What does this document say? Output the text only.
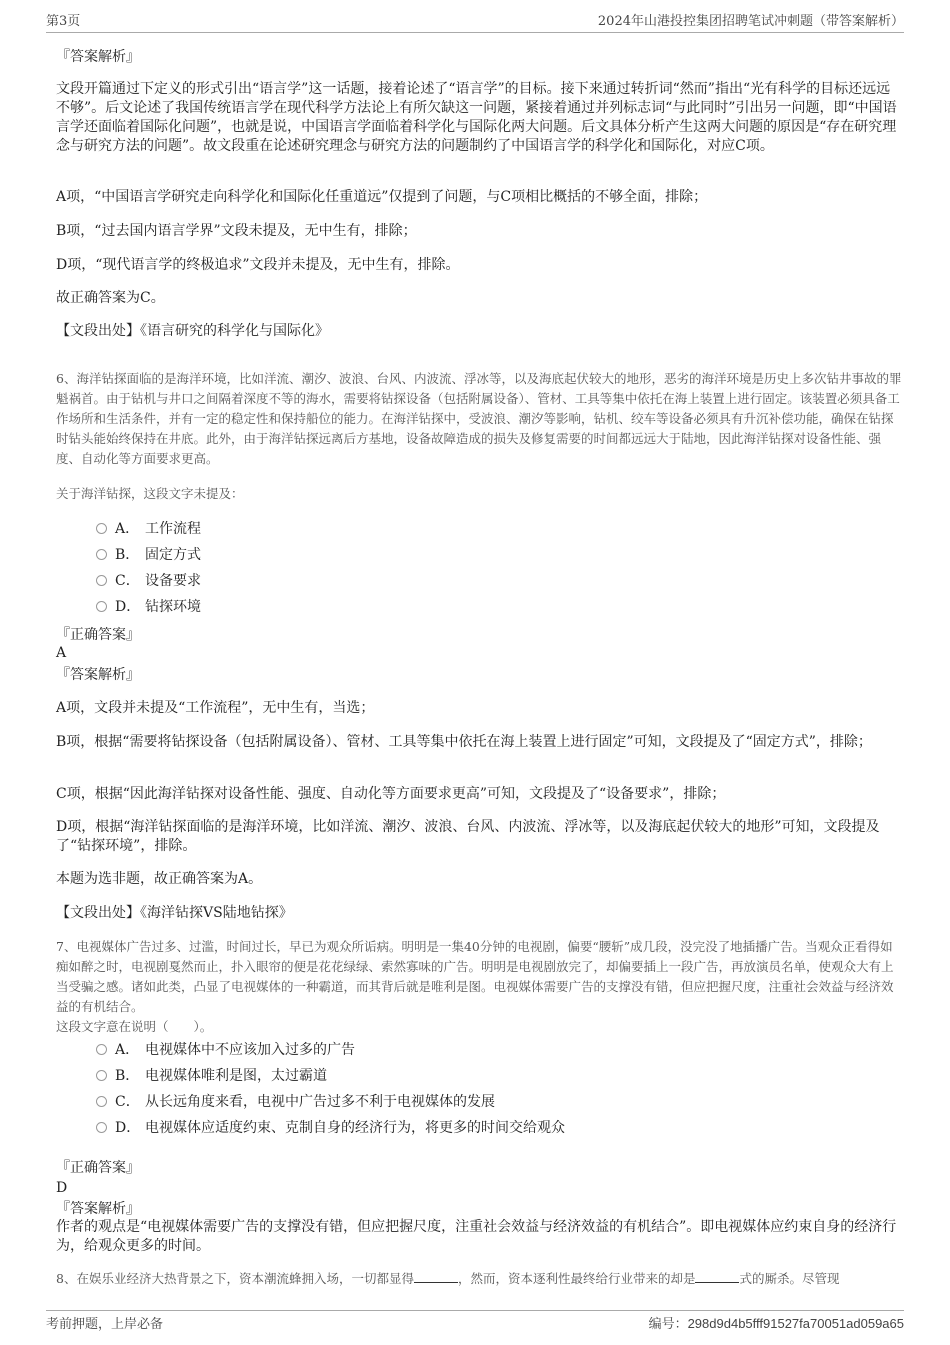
第3页	2024年山港投控集团招聘笔试冲刺题（带答案解析）
『答案解析』
文段开篇通过下定义的形式引出“语言学”这一话题，接着论述了“语言学”的目标。接下来通过转折词“然而”指出“光有科学的目标还远远不够”。后文论述了我国传统语言学在现代科学方法论上有所欠缺这一问题，紧接着通过并列标志词“与此同时”引出另一问题，即“中国语言学还面临着国际化问题”，也就是说，中国语言学面临着科学化与国际化两大问题。后文具体分析产生这两大问题的原因是“存在研究理念与研究方法的问题”。故文段重在论述研究理念与研究方法的问题制约了中国语言学的科学化和国际化，对应C项。
A项，“中国语言学研究走向科学化和国际化任重道远”仅提到了问题，与C项相比概括的不够全面，排除；
B项，“过去国内语言学界”文段未提及，无中生有，排除；
D项，“现代语言学的终极追求”文段并未提及，无中生有，排除。
故正确答案为C。
【文段出处】《语言研究的科学化与国际化》
6、海洋钻探面临的是海洋环境，比如洋流、潮汐、波浪、台风、内波流、浮冰等，以及海底起伏较大的地形，恶劣的海洋环境是历史上多次钻井事故的罪魁祸首。由于钻机与井口之间隔着深度不等的海水，需要将钻探设备（包括附属设备）、管材、工具等集中依托在海上装置上进行固定。该装置必须具备工作场所和生活条件，并有一定的稳定性和保持船位的能力。在海洋钻探中，受波浪、潮汐等影响，钻机、绞车等设备必须具有升沉补偿功能，确保在钻探时钻头能始终保持在井底。此外，由于海洋钻探远离后方基地，设备故障造成的损失及修复需要的时间都远远大于陆地，因此海洋钻探对设备性能、强度、自动化等方面要求更高。
关于海洋钻探，这段文字未提及：
A． 工作流程
B． 固定方式
C． 设备要求
D． 钻探环境
『正确答案』
A
『答案解析』
A项，文段并未提及“工作流程”，无中生有，当选；
B项，根据“需要将钻探设备（包括附属设备）、管材、工具等集中依托在海上装置上进行固定”可知，文段提及了“固定方式”，排除；
C项，根据“因此海洋钻探对设备性能、强度、自动化等方面要求更高”可知，文段提及了“设备要求”，排除；
D项，根据“海洋钻探面临的是海洋环境，比如洋流、潮汐、波浪、台风、内波流、浮冰等，以及海底起伏较大的地形”可知，文段提及了“钻探环境”，排除。
本题为选非题，故正确答案为A。
【文段出处】《海洋钻探VS陆地钻探》
7、电视媒体广告过多、过滥，时间过长，早已为观众所诟病。明明是一集40分钟的电视剧，偏要“腰斩”成几段，没完没了地插播广告。当观众正看得如痴如醉之时，电视剧戛然而止，扑入眼帘的便是花花绿绿、索然寡味的广告。明明是电视剧放完了，却偏要插上一段广告，再放演员名单，使观众大有上当受骗之感。诸如此类，凸显了电视媒体的一种霸道，而其背后就是唯利是图。电视媒体需要广告的支撑没有错，但应把握尺度，注重社会效益与经济效益的有机结合。
这段文字意在说明（　　）。
A． 电视媒体中不应该加入过多的广告
B． 电视媒体唯利是图，太过霸道
C． 从长远角度来看，电视中广告过多不利于电视媒体的发展
D． 电视媒体应适度约束、克制自身的经济行为，将更多的时间交给观众
『正确答案』
D
『答案解析』
作者的观点是“电视媒体需要广告的支撑没有错，但应把握尺度，注重社会效益与经济效益的有机结合”。即电视媒体应约束自身的经济行为，给观众更多的时间。
8、在娱乐业经济大热背景之下，资本潮流蜂拥入场，一切都显得	，然而，资本逐利性最终给行业带来的却是	式的厮杀。尽管现
考前押题，上岸必备	编号：298d9d4b5fff91527fa70051ad059a65
